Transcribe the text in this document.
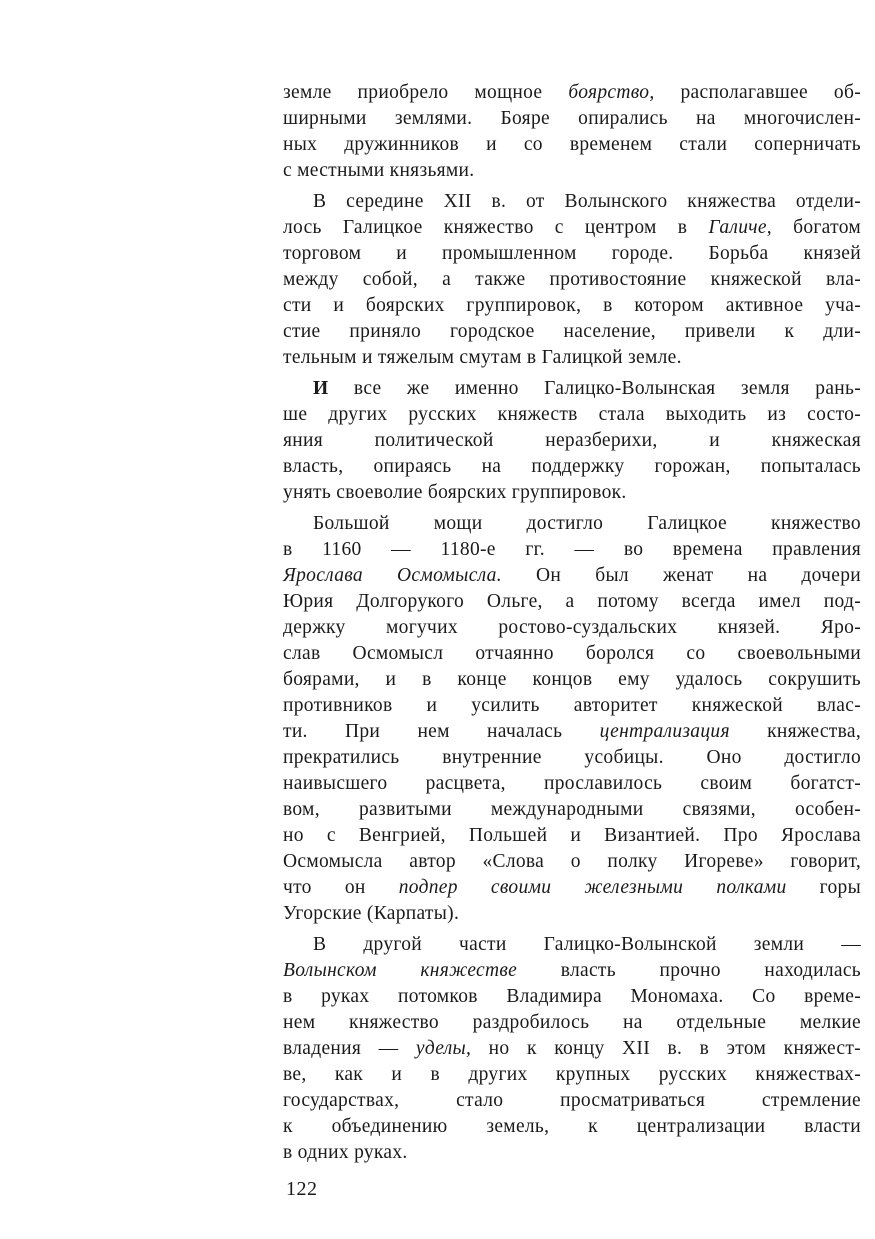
земле приобрело мощное боярство, располагавшее об-
ширными землями. Бояре опирались на многочислен-
ных дружинников и со временем стали соперничать
с местными князьями.
В середине XII в. от Волынского княжества отдели-
лось Галицкое княжество с центром в Галиче, богатом
торговом и промышленном городе. Борьба князей
между собой, а также противостояние княжеской вла-
сти и боярских группировок, в котором активное уча-
стие приняло городское население, привели к дли-
тельным и тяжелым смутам в Галицкой земле.
И все же именно Галицко-Волынская земля рань-
ше других русских княжеств стала выходить из состо-
яния политической неразберихи, и княжеская
власть, опираясь на поддержку горожан, попыталась
унять своеволие боярских группировок.
Большой мощи достигло Галицкое княжество
в 1160 — 1180-е гг. — во времена правления
Ярослава Осмомысла. Он был женат на дочери
Юрия Долгорукого Ольге, а потому всегда имел под-
держку могучих ростово-суздальских князей. Яро-
слав Осмомысл отчаянно боролся со своевольными
боярами, и в конце концов ему удалось сокрушить
противников и усилить авторитет княжеской влас-
ти. При нем началась централизация княжества,
прекратились внутренние усобицы. Оно достигло
наивысшего расцвета, прославилось своим богатст-
вом, развитыми международными связями, особен-
но с Венгрией, Польшей и Византией. Про Ярослава
Осмомысла автор «Слова о полку Игореве» говорит,
что он подпер своими железными полками горы
Угорские (Карпаты).
В другой части Галицко-Волынской земли —
Волынском княжестве власть прочно находилась
в руках потомков Владимира Мономаха. Со време-
нем княжество раздробилось на отдельные мелкие
владения — уделы, но к концу XII в. в этом княжест-
ве, как и в других крупных русских княжествах-
государствах, стало просматриваться стремление
к объединению земель, к централизации власти
в одних руках.
122
